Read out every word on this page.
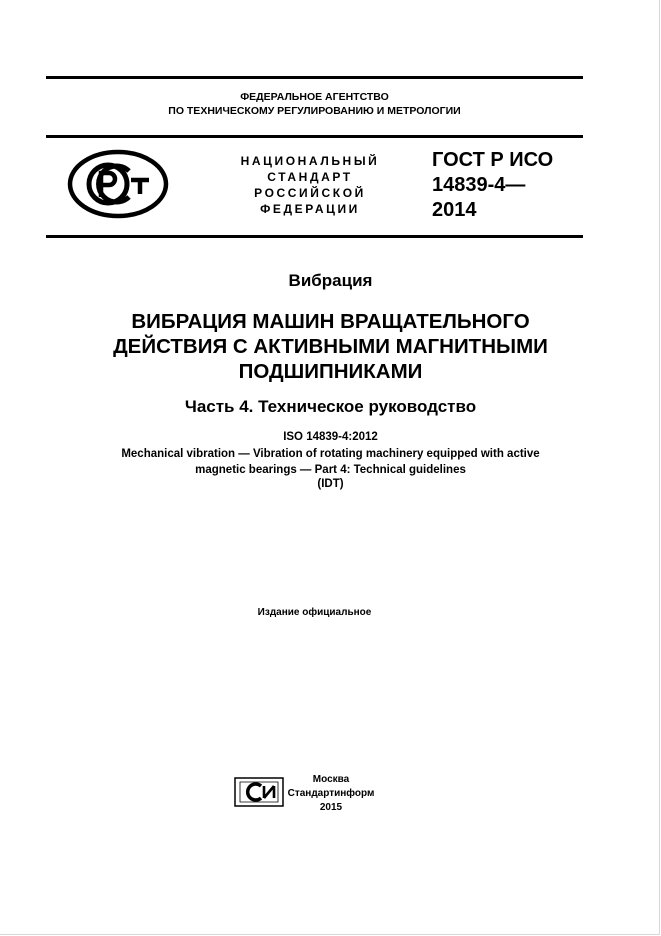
ФЕДЕРАЛЬНОЕ АГЕНТСТВО
ПО ТЕХНИЧЕСКОМУ РЕГУЛИРОВАНИЮ И МЕТРОЛОГИИ
НАЦИОНАЛЬНЫЙ
СТАНДАРТ
РОССИЙСКОЙ
ФЕДЕРАЦИИ
ГОСТ Р ИСО
14839-4—
2014
Вибрация
ВИБРАЦИЯ МАШИН ВРАЩАТЕЛЬНОГО
ДЕЙСТВИЯ С АКТИВНЫМИ МАГНИТНЫМИ
ПОДШИПНИКАМИ
Часть 4. Техническое руководство
ISO 14839-4:2012
Mechanical vibration — Vibration of rotating machinery equipped with active
magnetic bearings — Part 4: Technical guidelines
(IDT)
Издание официальное
Москва
Стандартинформ
2015
